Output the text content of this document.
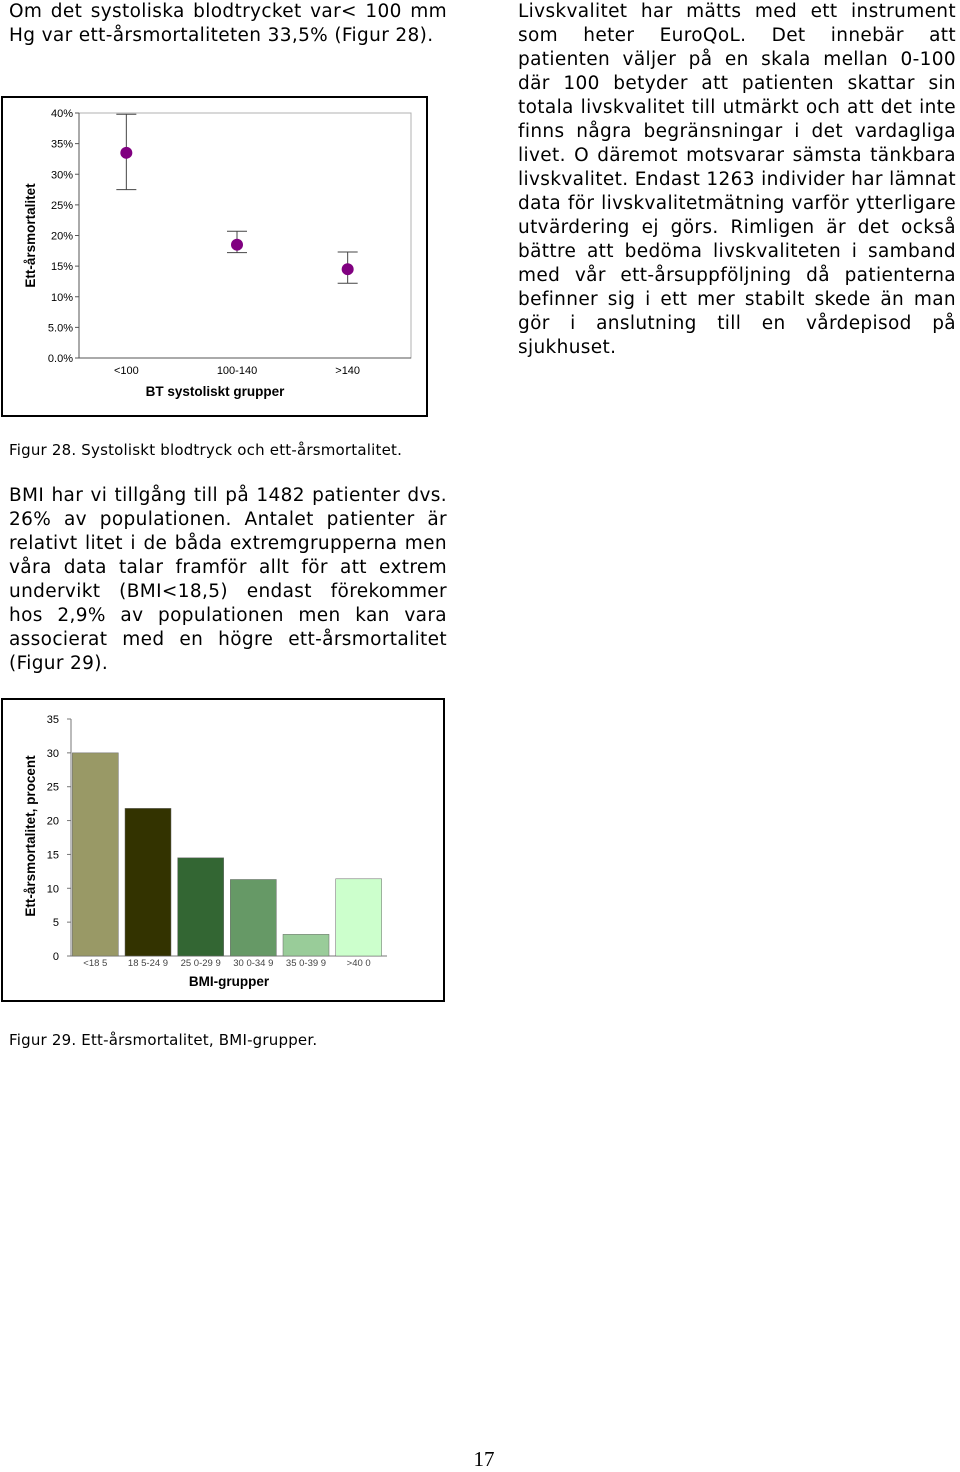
Om det systoliska blodtrycket var< 100 mm Hg var ett-årsmortaliteten 33,5% (Figur 28).

Livskvalitet har mätts med ett instrument som heter EuroQoL. Det innebär att patienten väljer på en skala mellan 0-100 där 100 betyder att patienten skattar sin totala livskvalitet till utmärkt och att det inte finns några begränsningar i det vardagliga livet. O däremot motsvarar sämsta tänkbara livskvalitet. Endast 1263 individer har lämnat data för livskvalitetmätning varför ytterligare utvärdering ej görs. Rimligen är det också bättre att bedöma livskvaliteten i samband med vår ett-årsuppföljning då patienterna befinner sig i ett mer stabilt skede än man gör i anslutning till en vårdepisod på sjukhuset.

0.0%
5.0%
10%
15%
20%
25%
30%
35%
40%
<100	100-140	>140
BT systoliskt grupper
Ett-årsmortalitet
Figur 28. Systoliskt blodtryck och ett-årsmortalitet.

BMI har vi tillgång till på 1482 patienter dvs. 26% av populationen. Antalet patienter är relativt litet i de båda extremgrupperna men våra data talar framför allt för att extrem undervikt (BMI<18,5) endast förekommer hos 2,9% av populationen men kan vara associerat med en högre ett-årsmortalitet (Figur 29).

0
5
10
15
20
25
30
35
<18 5 18 5-24 9 25 0-29 9 30 0-34 9 35 0-39 9 >40 0
BMI-grupper
Ett-årsmortalitet, procent
Figur 29. Ett-årsmortalitet, BMI-grupper.
17
